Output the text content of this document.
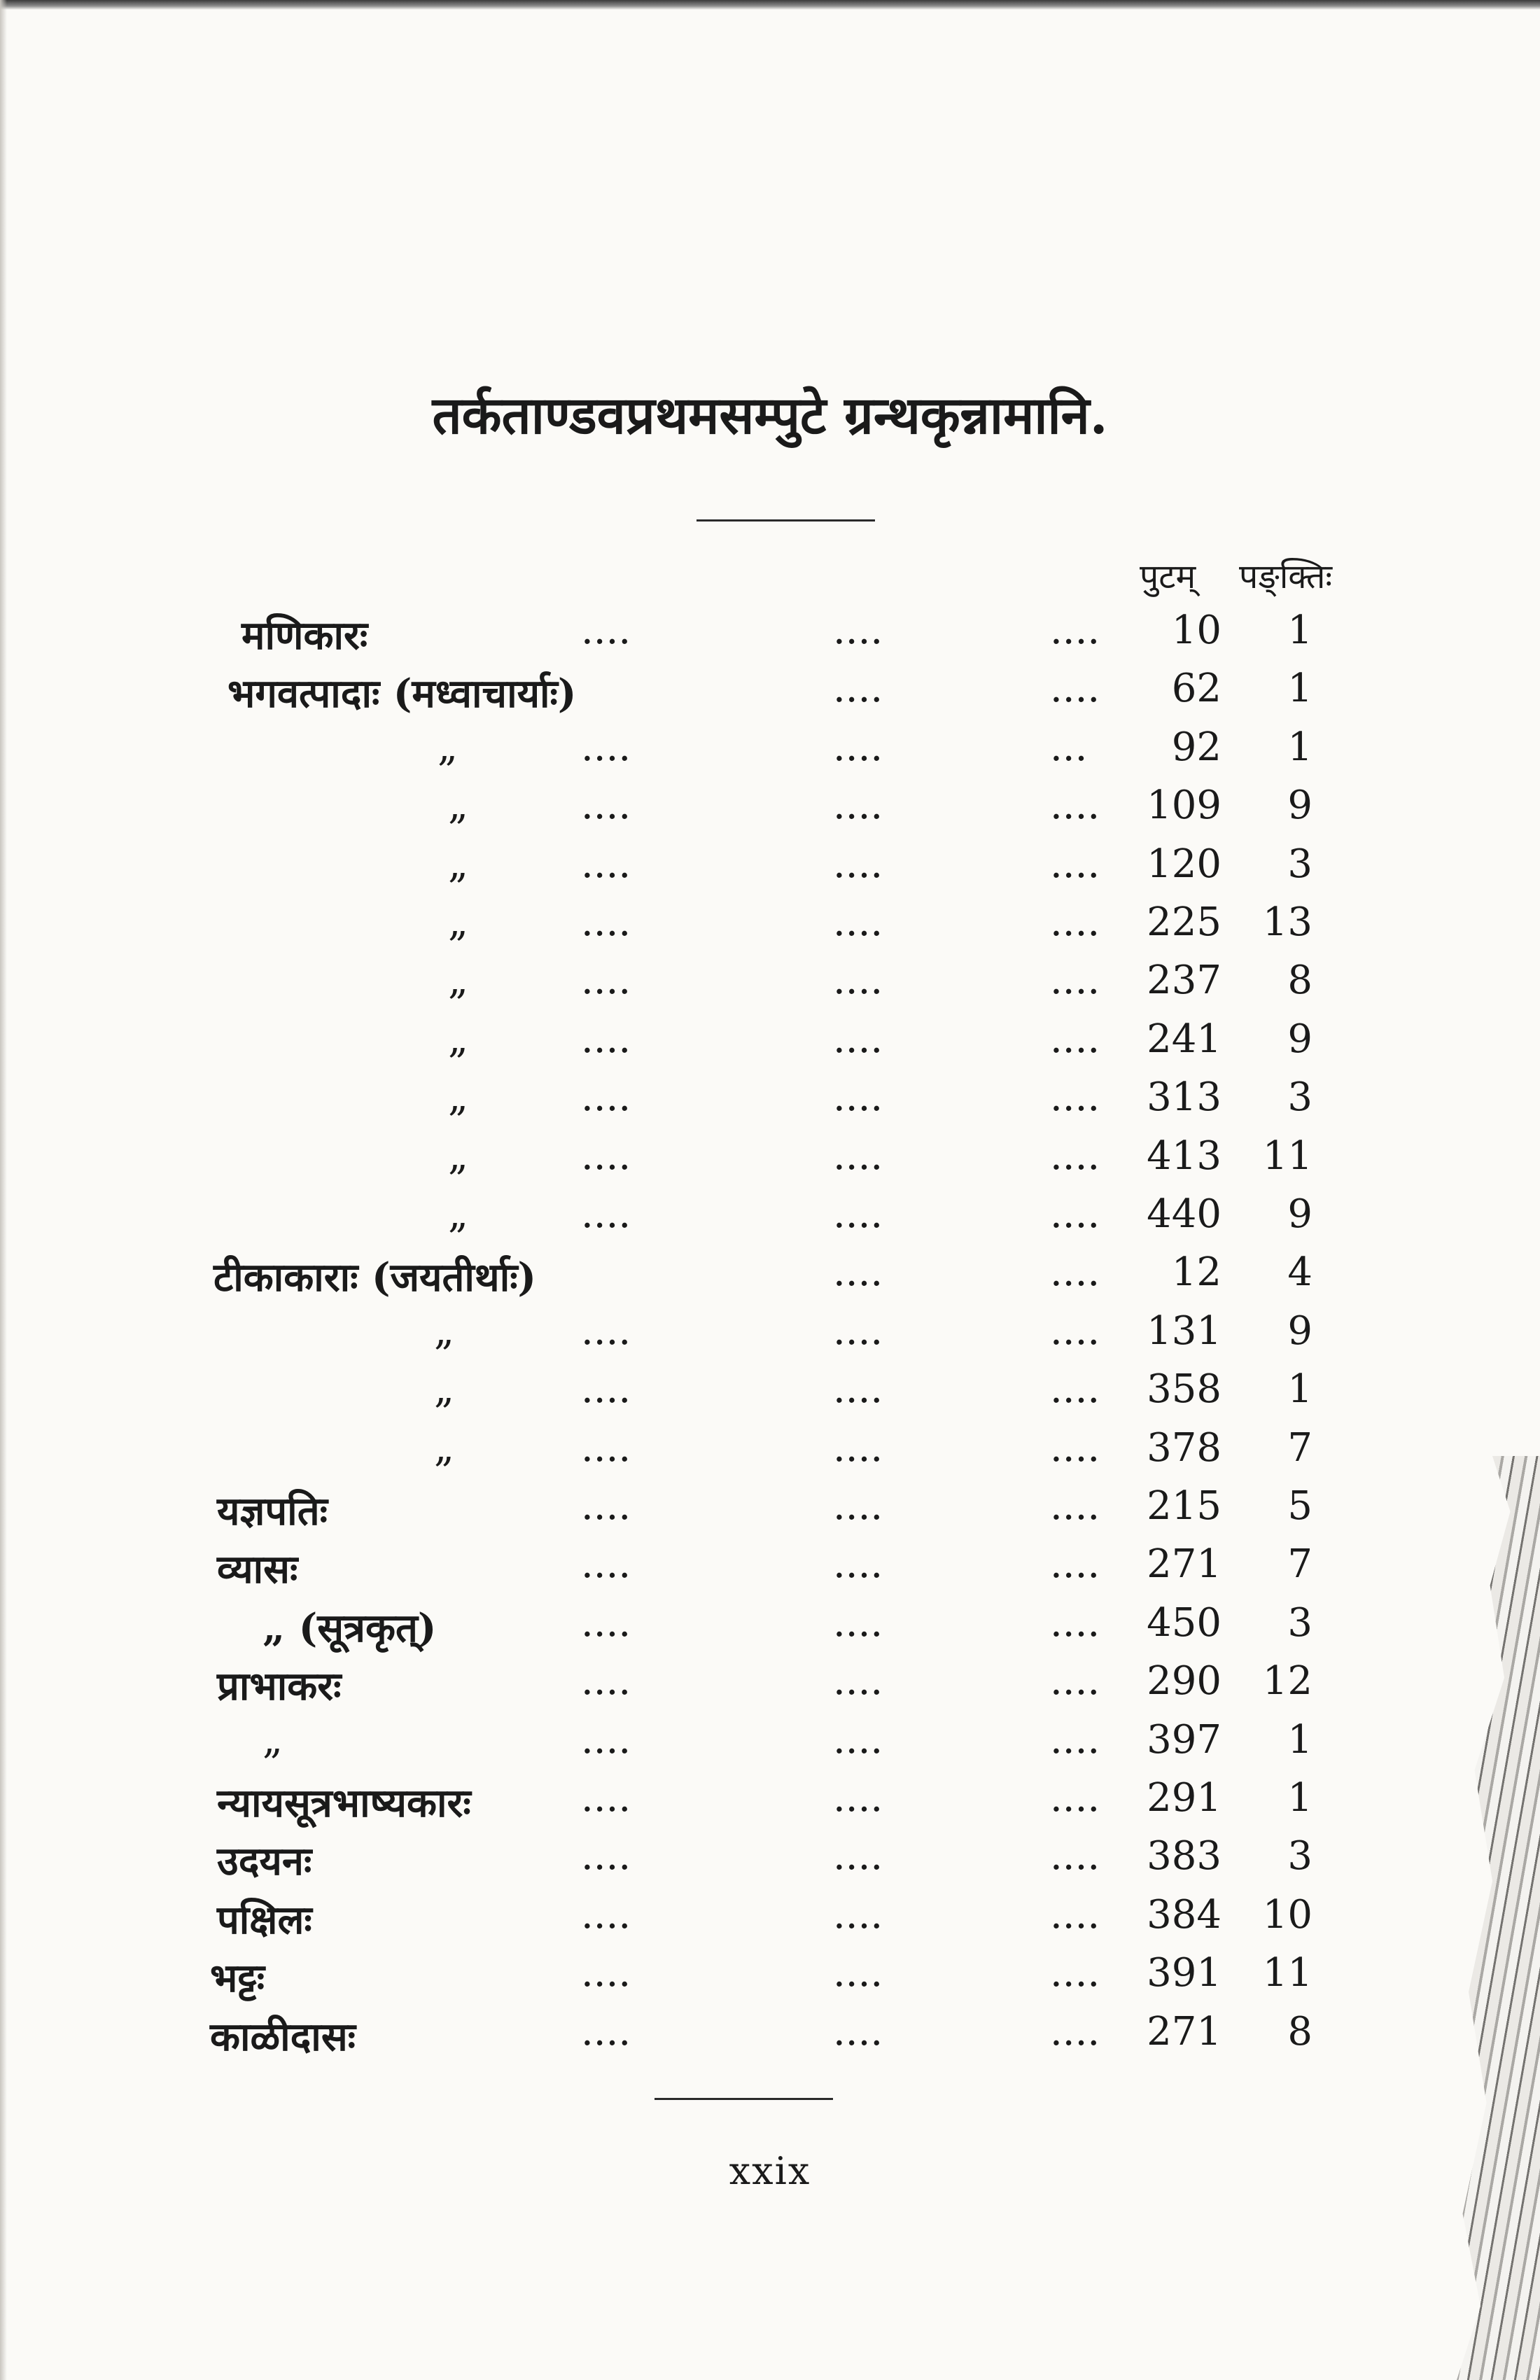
तर्कताण्डवप्रथमसम्पुटे ग्रन्थकृन्नामानि.
पुटम् पङ्क्तिः
मणिकारः	....	....	.... 10 1
भगवत्पादाः (मध्वाचार्याः)	....	.... 62 1
„	....	....	... 92 1
„	....	....	.... 109 9
„	....	....	.... 120 3
„	....	....	.... 225 13
„	....	....	.... 237 8
„	....	....	.... 241 9
„	....	....	.... 313 3
„	....	....	.... 413 11
„	....	....	.... 440 9
टीकाकाराः (जयतीर्थाः)	....	.... 12 4
„	....	....	.... 131 9
„	....	....	.... 358 1
„	....	....	.... 378 7
यज्ञपतिः	....	....	.... 215 5
व्यासः	....	....	.... 271 7
„ (सूत्रकृत्)	....	....	.... 450 3
प्राभाकरः	....	....	.... 290 12
„	....	....	.... 397 1
न्यायसूत्रभाष्यकारः	....	....	.... 291 1
उदयनः	....	....	.... 383 3
पक्षिलः	....	....	.... 384 10
भट्टः	....	....	.... 391 11
काळीदासः	....	....	.... 271 8
xxix
